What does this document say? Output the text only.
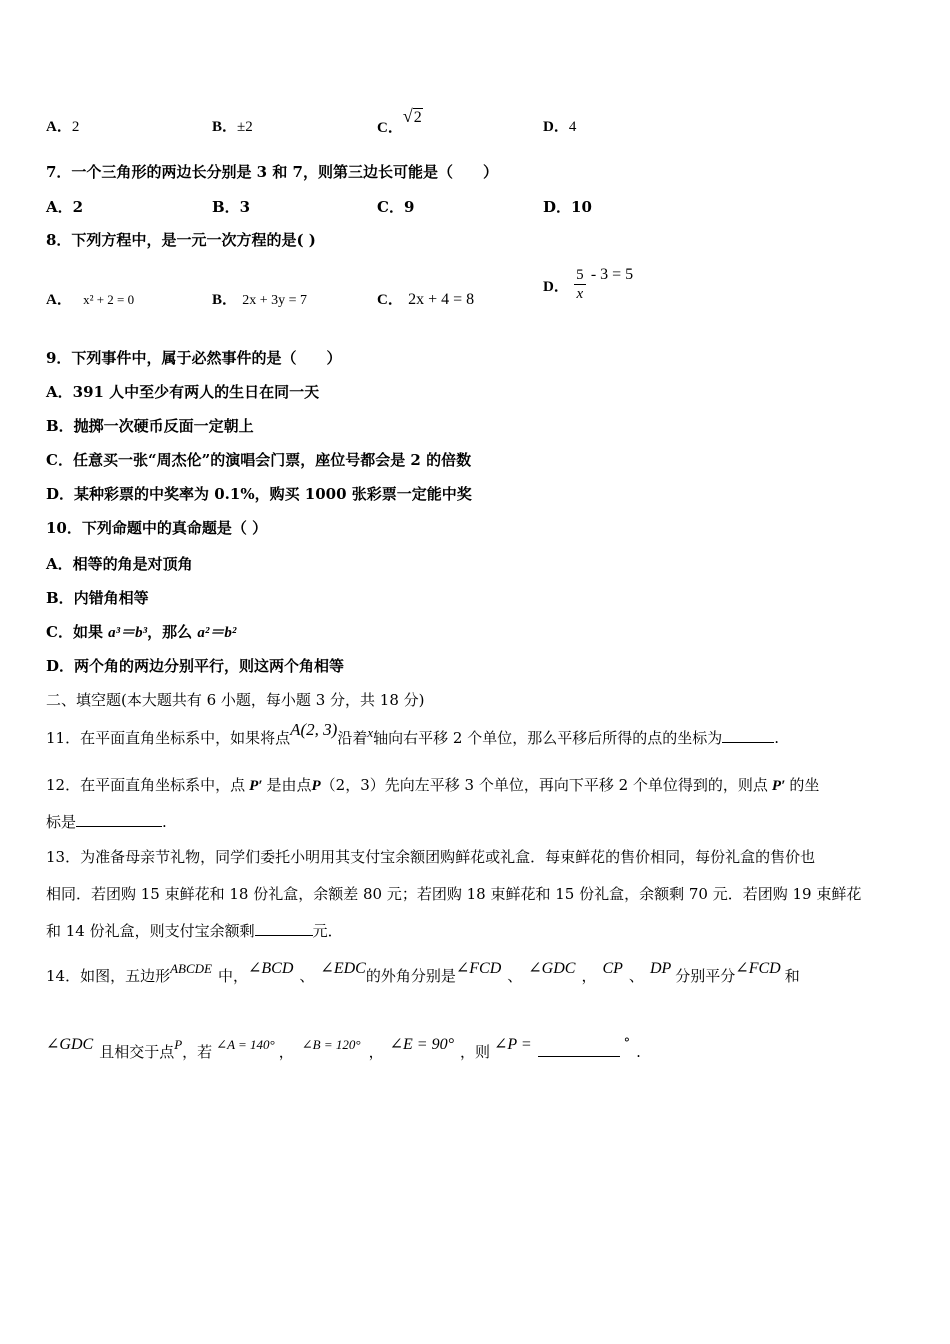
A．2	B．±2	C．√2
D．4
7．一个三角形的两边长分别是 3 和 7，则第三边长可能是（　　）
A．2	B．3	C．9	D．10
8．下列方程中，是一元一次方程的是( )
A． x² + 2 = 0	B． 2x + 3y = 7	C． 2x + 4 = 8
D． $\frac{5}{x} - 3 = 5$
9．下列事件中，属于必然事件的是（　　）
A．391 人中至少有两人的生日在同一天
B．抛掷一次硬币反面一定朝上
C．任意买一张“周杰伦”的演唱会门票，座位号都会是 2 的倍数
D．某种彩票的中奖率为 0.1%，购买 1000 张彩票一定能中奖
10．下列命题中的真命题是（ ）
A．相等的角是对顶角
B．内错角相等
C．如果 a³＝b³，那么 a²＝b²
D．两个角的两边分别平行，则这两个角相等
二、填空题(本大题共有 6 小题，每小题 3 分，共 18 分)
11．在平面直角坐标系中，如果将点A(2, 3)沿着x轴向右平移 2 个单位，那么平移后所得的点的坐标为	.
12．在平面直角坐标系中，点 P′ 是由点P（2，3）先向左平移 3 个单位，再向下平移 2 个单位得到的，则点 P′ 的坐
标是	.
13．为准备母亲节礼物，同学们委托小明用其支付宝余额团购鲜花或礼盒．每束鲜花的售价相同，每份礼盒的售价也
相同．若团购 15 束鲜花和 18 份礼盒，余额差 80 元；若团购 18 束鲜花和 15 份礼盒，余额剩 70 元．若团购 19 束鲜花
和 14 份礼盒，则支付宝余额剩	元．
14．如图，五边形ABCDE 中，∠BCD 、 ∠EDC的外角分别是∠FCD 、 ∠GDC ， CP 、 DP 分别平分∠FCD 和
∠GDC 且相交于点P，若 ∠A = 140° ， ∠B = 120° ， ∠E = 90° ，则 ∠P =	° .
